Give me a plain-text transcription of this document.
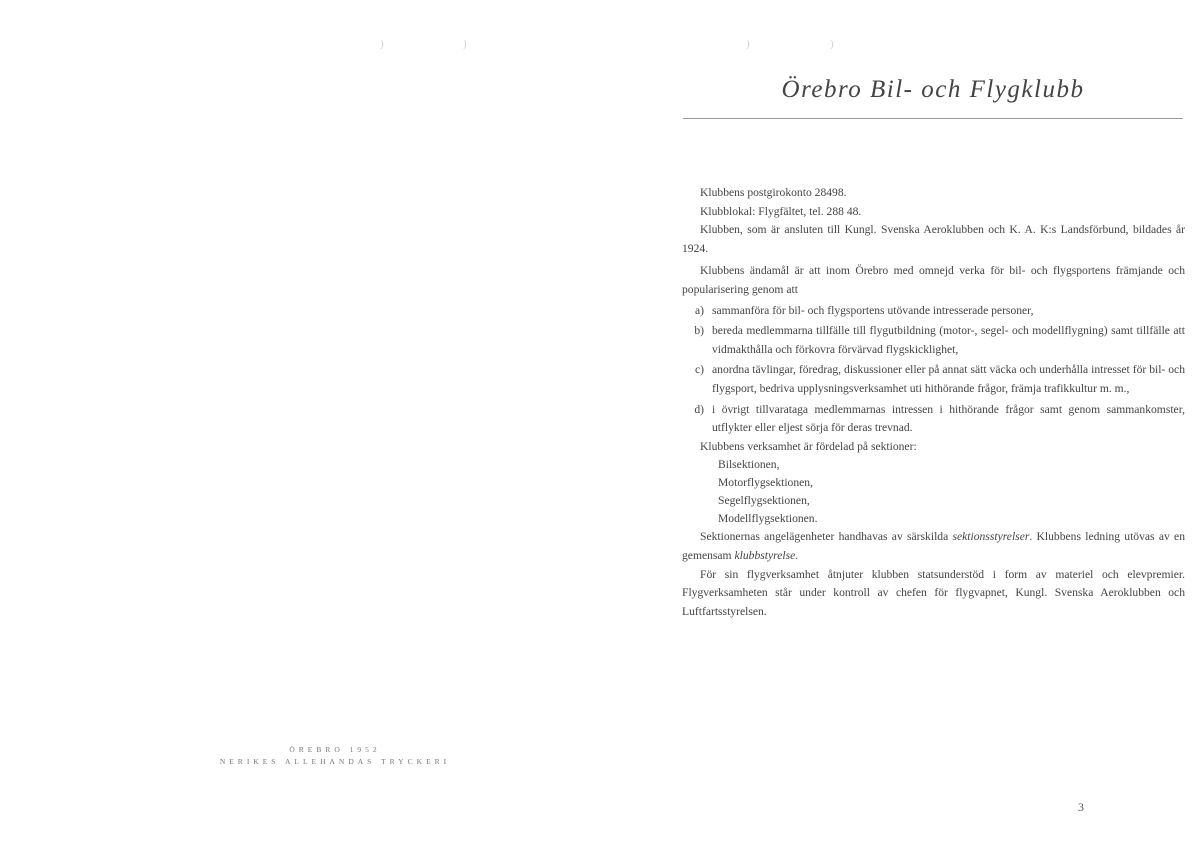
)	)
ÖREBRO 1952
NERIKES ALLEHANDAS TRYCKERI
)	)
Örebro Bil- och Flygklubb

Klubbens postgirokonto 28498.

Klubblokal: Flygfältet, tel. 288 48.

Klubben, som är ansluten till Kungl. Svenska Aeroklubben och K. A. K:s Landsförbund, bildades år 1924.

Klubbens ändamål är att inom Örebro med omnejd verka för bil- och flygsportens främjande och popularisering genom att

a) sammanföra för bil- och flygsportens utövande intresserade personer,
b) bereda medlemmarna tillfälle till flygutbildning (motor-, segel- och modellflygning) samt tillfälle att vidmakthålla och förkovra förvärvad flygskicklighet,
c) anordna tävlingar, föredrag, diskussioner eller på annat sätt väcka och underhålla intresset för bil- och flygsport, bedriva upplysningsverksamhet uti hithörande frågor, främja trafikkultur m. m.,
d) i övrigt tillvarataga medlemmarnas intressen i hithörande frågor samt genom sammankomster, utflykter eller eljest sörja för deras trevnad.

Klubbens verksamhet är fördelad på sektioner:

Bilsektionen,
Motorflygsektionen,
Segelflygsektionen,
Modellflygsektionen.

Sektionernas angelägenheter handhavas av särskilda sektionsstyrelser. Klubbens ledning utövas av en gemensam klubbstyrelse.

För sin flygverksamhet åtnjuter klubben statsunderstöd i form av materiel och elevpremier. Flygverksamheten står under kontroll av chefen för flygvapnet, Kungl. Svenska Aeroklubben och Luftfartsstyrelsen.

3
